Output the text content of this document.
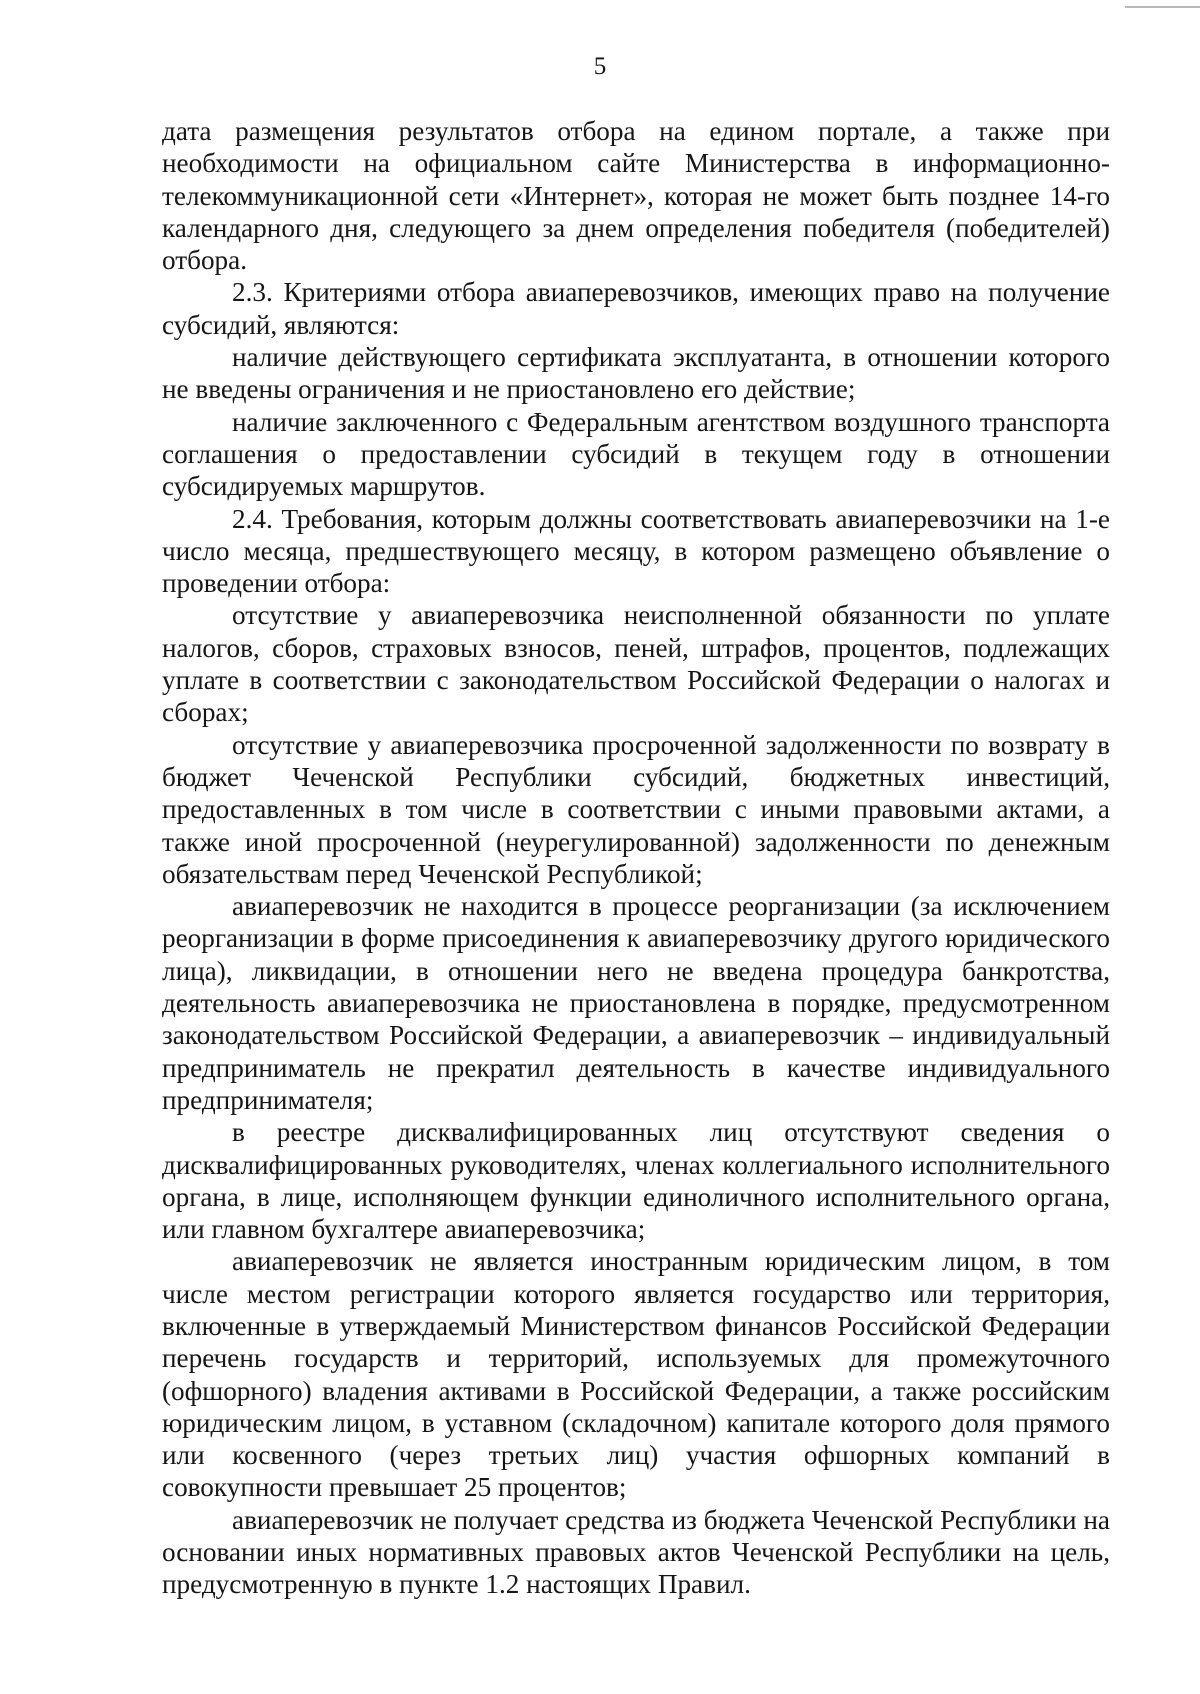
5

дата размещения результатов отбора на едином портале, а также при необходимости на официальном сайте Министерства в информационно-телекоммуникационной сети «Интернет», которая не может быть позднее 14-го календарного дня, следующего за днем определения победителя (победителей) отбора.

2.3. Критериями отбора авиаперевозчиков, имеющих право на получение субсидий, являются:

наличие действующего сертификата эксплуатанта, в отношении которого не введены ограничения и не приостановлено его действие;

наличие заключенного с Федеральным агентством воздушного транспорта соглашения о предоставлении субсидий в текущем году в отношении субсидируемых маршрутов.

2.4. Требования, которым должны соответствовать авиаперевозчики на 1-е число месяца, предшествующего месяцу, в котором размещено объявление о проведении отбора:

отсутствие у авиаперевозчика неисполненной обязанности по уплате налогов, сборов, страховых взносов, пеней, штрафов, процентов, подлежащих уплате в соответствии с законодательством Российской Федерации о налогах и сборах;

отсутствие у авиаперевозчика просроченной задолженности по возврату в бюджет Чеченской Республики субсидий, бюджетных инвестиций, предоставленных в том числе в соответствии с иными правовыми актами, а также иной просроченной (неурегулированной) задолженности по денежным обязательствам перед Чеченской Республикой;

авиаперевозчик не находится в процессе реорганизации (за исключением реорганизации в форме присоединения к авиаперевозчику другого юридического лица), ликвидации, в отношении него не введена процедура банкротства, деятельность авиаперевозчика не приостановлена в порядке, предусмотренном законодательством Российской Федерации, а авиаперевозчик – индивидуальный предприниматель не прекратил деятельность в качестве индивидуального предпринимателя;

в реестре дисквалифицированных лиц отсутствуют сведения о дисквалифицированных руководителях, членах коллегиального исполнительного органа, в лице, исполняющем функции единоличного исполнительного органа, или главном бухгалтере авиаперевозчика;

авиаперевозчик не является иностранным юридическим лицом, в том числе местом регистрации которого является государство или территория, включенные в утверждаемый Министерством финансов Российской Федерации перечень государств и территорий, используемых для промежуточного (офшорного) владения активами в Российской Федерации, а также российским юридическим лицом, в уставном (складочном) капитале которого доля прямого или косвенного (через третьих лиц) участия офшорных компаний в совокупности превышает 25 процентов;

авиаперевозчик не получает средства из бюджета Чеченской Республики на основании иных нормативных правовых актов Чеченской Республики на цель, предусмотренную в пункте 1.2 настоящих Правил.
